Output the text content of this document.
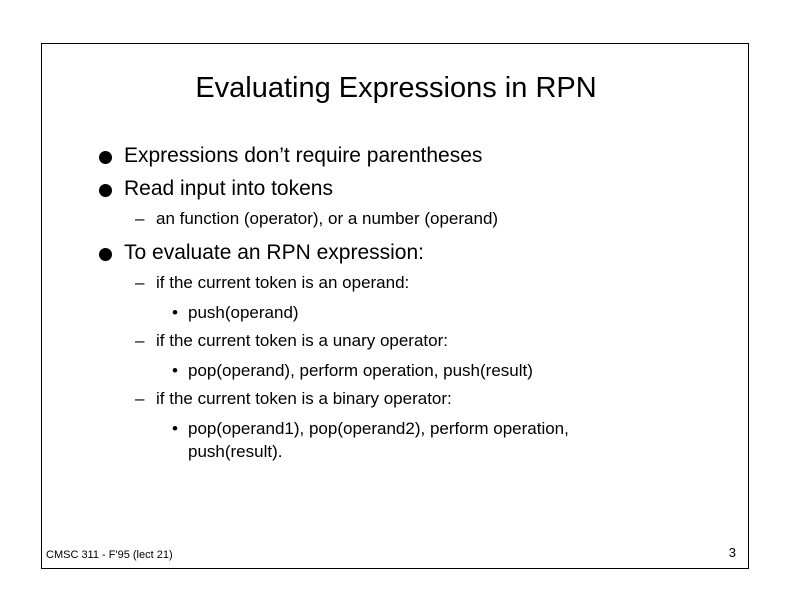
Evaluating Expressions in RPN
Expressions don’t require parentheses
Read input into tokens
– an function (operator), or a number (operand)
To evaluate an RPN expression:
– if the current token is an operand:
• push(operand)
– if the current token is a unary operator:
• pop(operand), perform operation, push(result)
– if the current token is a binary operator:
• pop(operand1), pop(operand2), perform operation,
push(result).
CMSC 311 - F'95 (lect 21)	3
